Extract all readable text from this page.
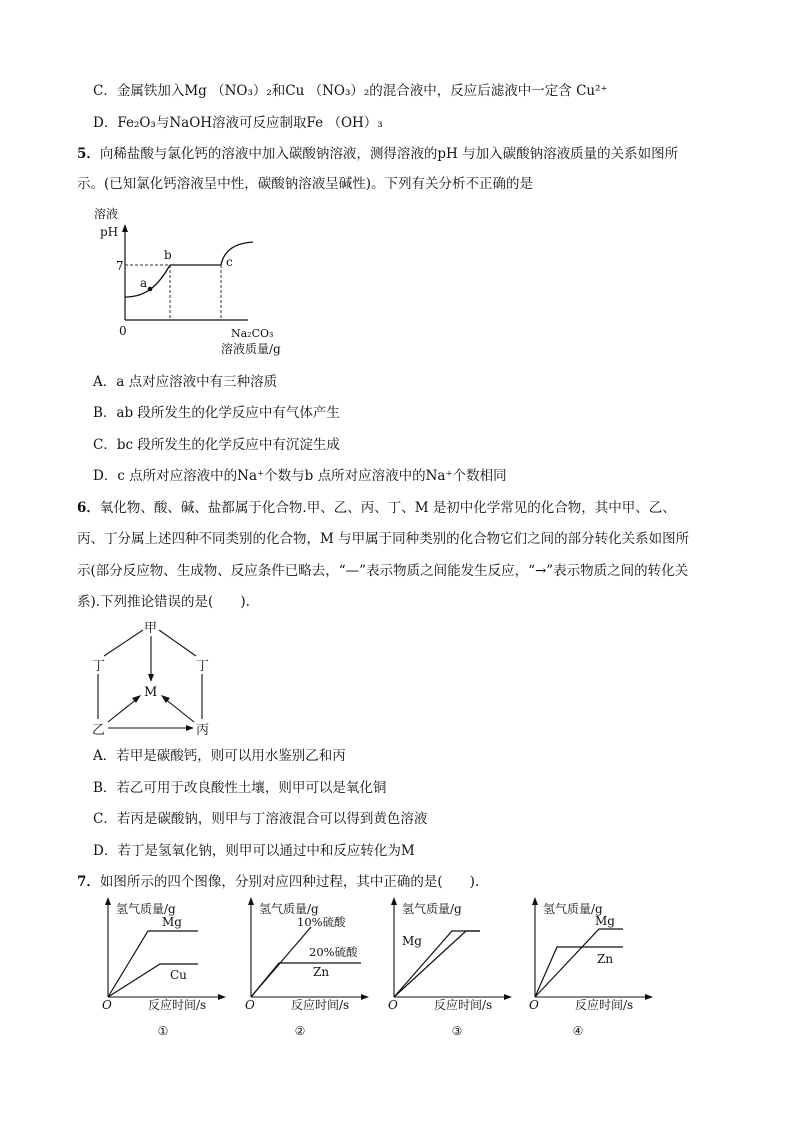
C．金属铁加入Mg （NO₃）₂和Cu （NO₃）₂的混合液中，反应后滤液中一定含 Cu²⁺
D．Fe₂O₃与NaOH溶液可反应制取Fe （OH）₃
5．向稀盐酸与氯化钙的溶液中加入碳酸钠溶液，测得溶液的pH 与加入碳酸钠溶液质量的关系如图所
示。(已知氯化钙溶液呈中性，碳酸钠溶液呈碱性)。下列有关分析不正确的是
溶液
pH
7
0
a
b	c
Na₂CO₃
溶液质量/g
A．a 点对应溶液中有三种溶质
B．ab 段所发生的化学反应中有气体产生
C．bc 段所发生的化学反应中有沉淀生成
D．c 点所对应溶液中的Na⁺个数与b 点所对应溶液中的Na⁺个数相同
6．氧化物、酸、碱、盐都属于化合物.甲、乙、丙、丁、M 是初中化学常见的化合物，其中甲、乙、
丙、丁分属上述四种不同类别的化合物，M 与甲属于同种类别的化合物它们之间的部分转化关系如图所
示(部分反应物、生成物、反应条件已略去，“—”表示物质之间能发生反应，“→”表示物质之间的转化关
系).下列推论错误的是(　　).
甲
丁	丁
M
乙	丙
A．若甲是碳酸钙，则可以用水鉴别乙和丙
B．若乙可用于改良酸性土壤，则甲可以是氧化铜
C．若丙是碳酸钠，则甲与丁溶液混合可以得到黄色溶液
D．若丁是氢氧化钠，则甲可以通过中和反应转化为M
7．如图所示的四个图像，分别对应四种过程，其中正确的是(　　).
氢气质量/g
Mg
Cu
O	反应时间/s
①
氢气质量/g
10%硫酸
20%硫酸
Zn
O	反应时间/s
②
氢气质量/g
Mg
O	反应时间/s
③
氢气质量/g
Mg
Zn
O	反应时间/s
④
